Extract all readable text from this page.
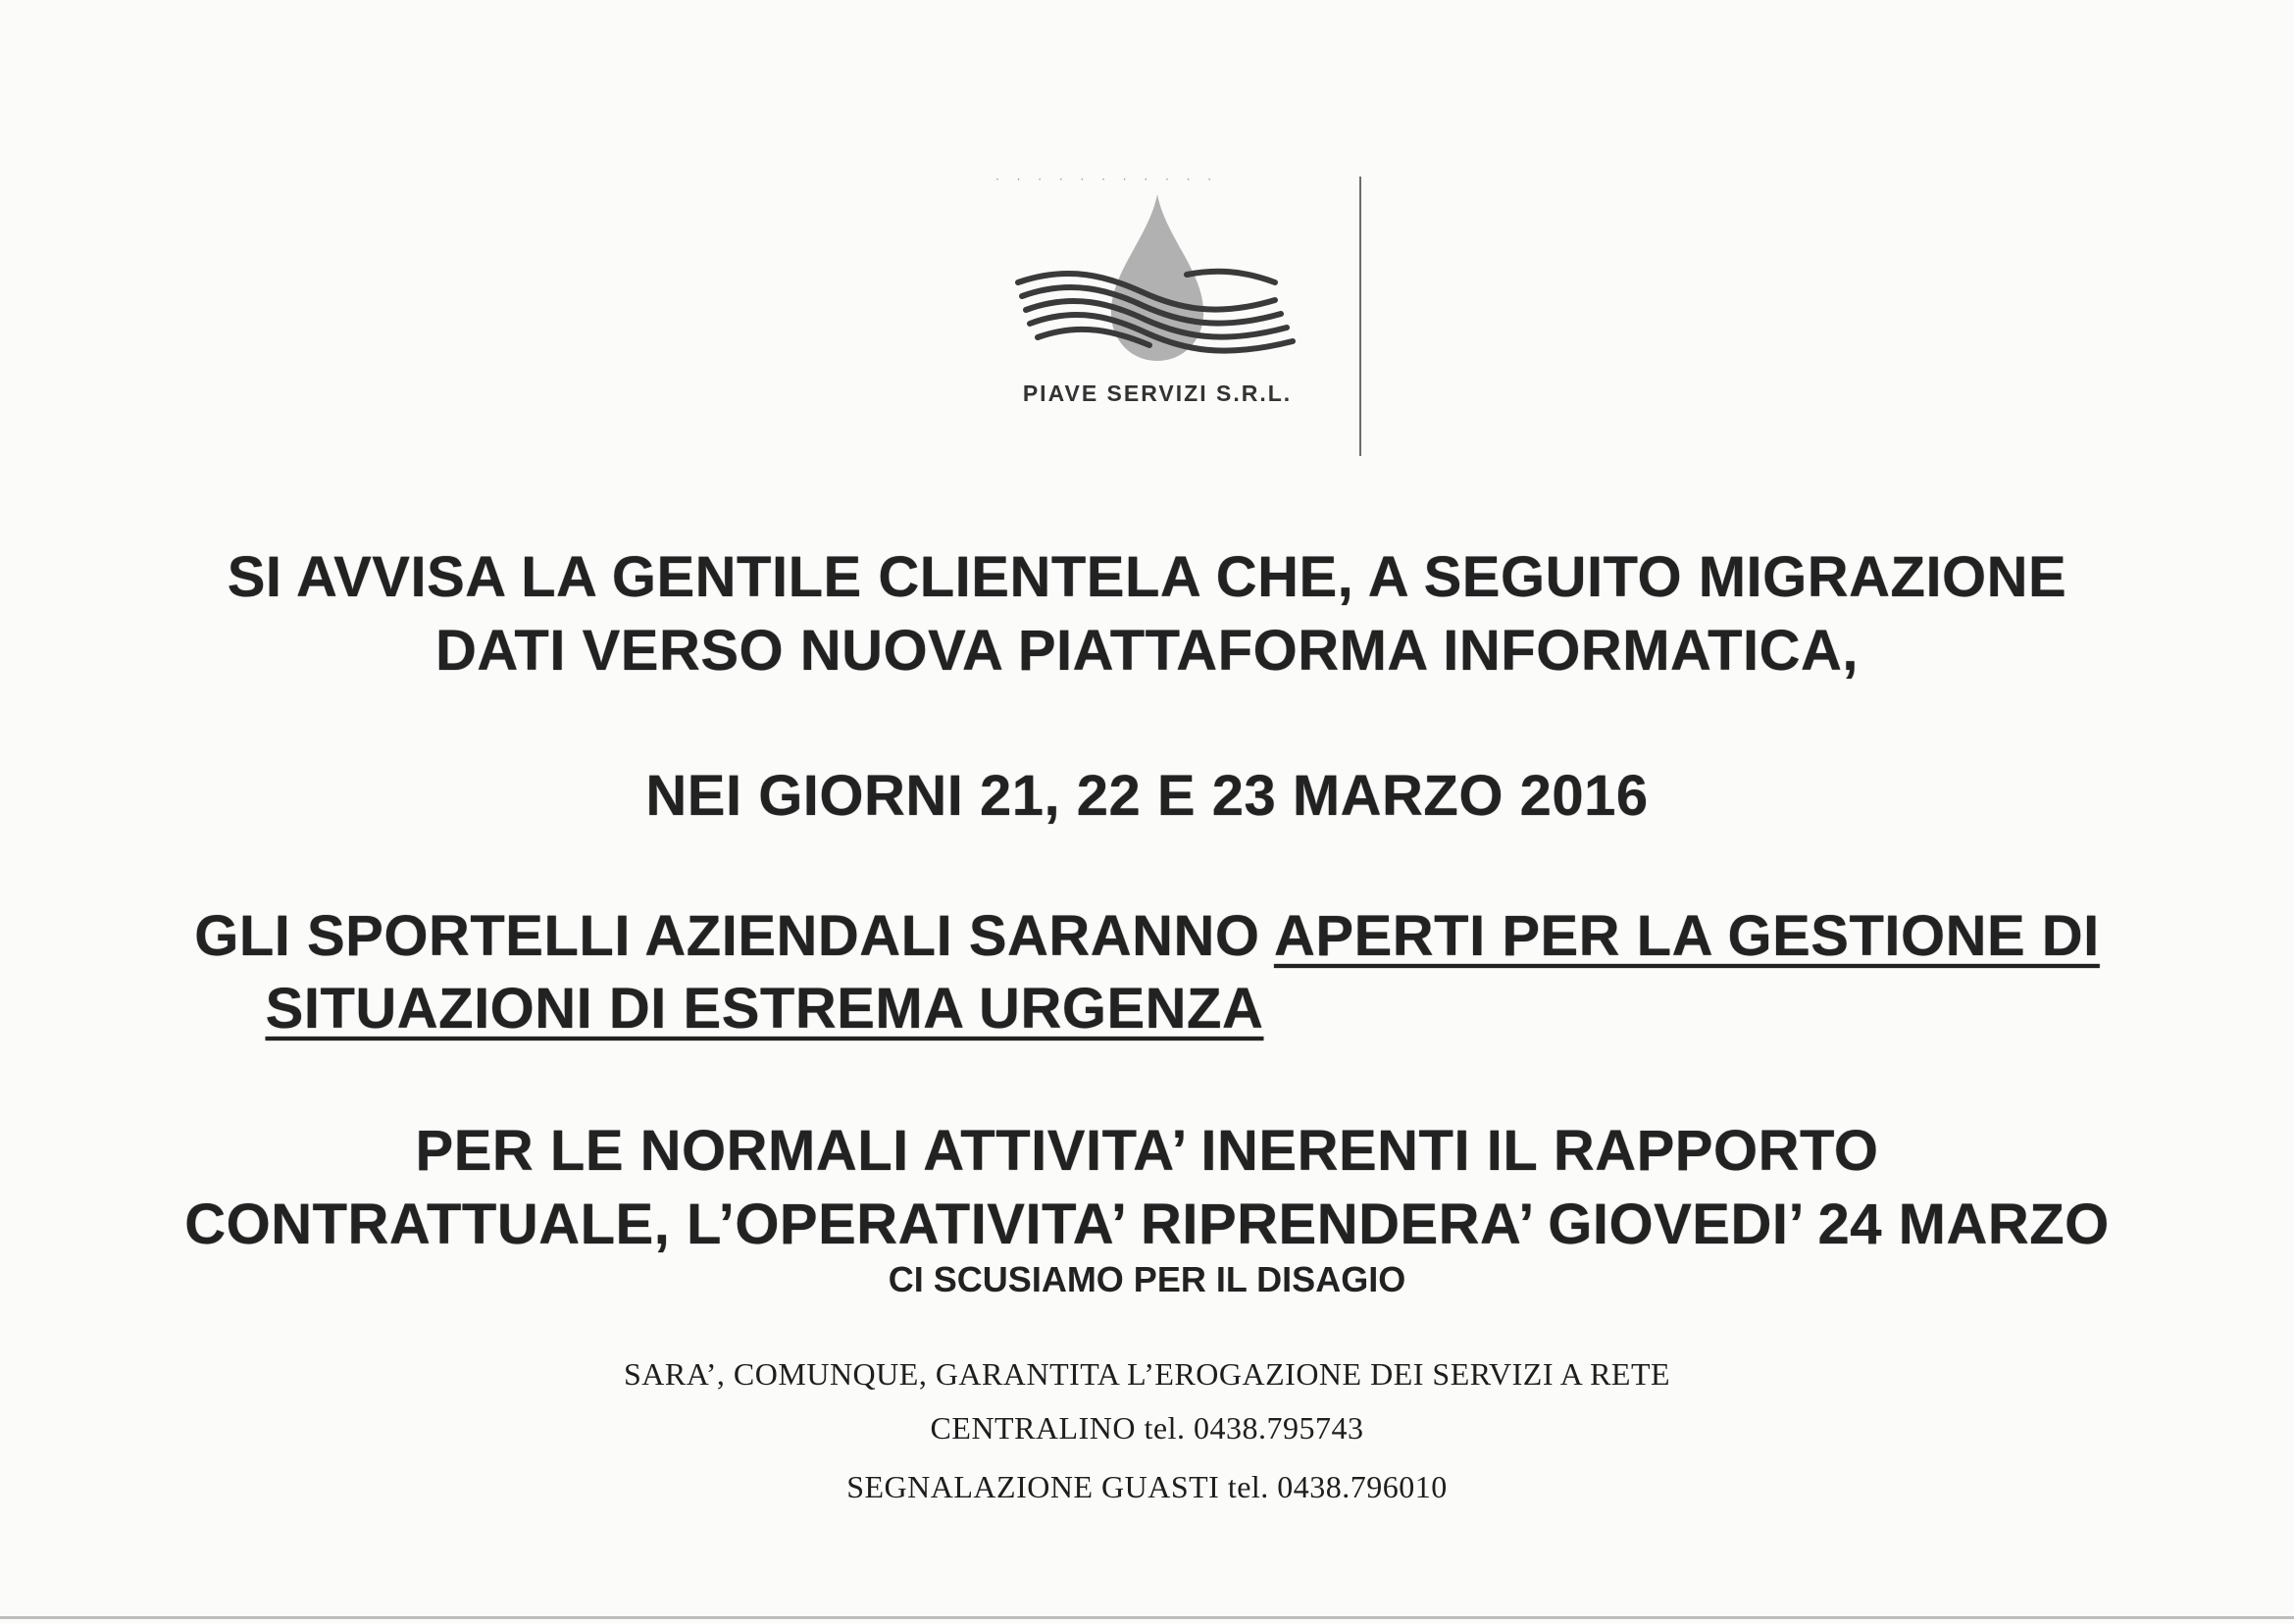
· · · · · · · · · · ·
PIAVE SERVIZI S.R.L.
SI AVVISA LA GENTILE CLIENTELA CHE, A SEGUITO MIGRAZIONE
DATI VERSO NUOVA PIATTAFORMA INFORMATICA,
NEI GIORNI 21, 22 E 23 MARZO 2016
GLI SPORTELLI AZIENDALI SARANNO APERTI PER LA GESTIONE DI
SITUAZIONI DI ESTREMA URGENZA
PER LE NORMALI ATTIVITA’ INERENTI IL RAPPORTO
CONTRATTUALE, L’OPERATIVITA’ RIPRENDERA’ GIOVEDI’ 24 MARZO
CI SCUSIAMO PER IL DISAGIO
SARA’, COMUNQUE, GARANTITA L’EROGAZIONE DEI SERVIZI A RETE
CENTRALINO tel. 0438.795743
SEGNALAZIONE GUASTI tel. 0438.796010
